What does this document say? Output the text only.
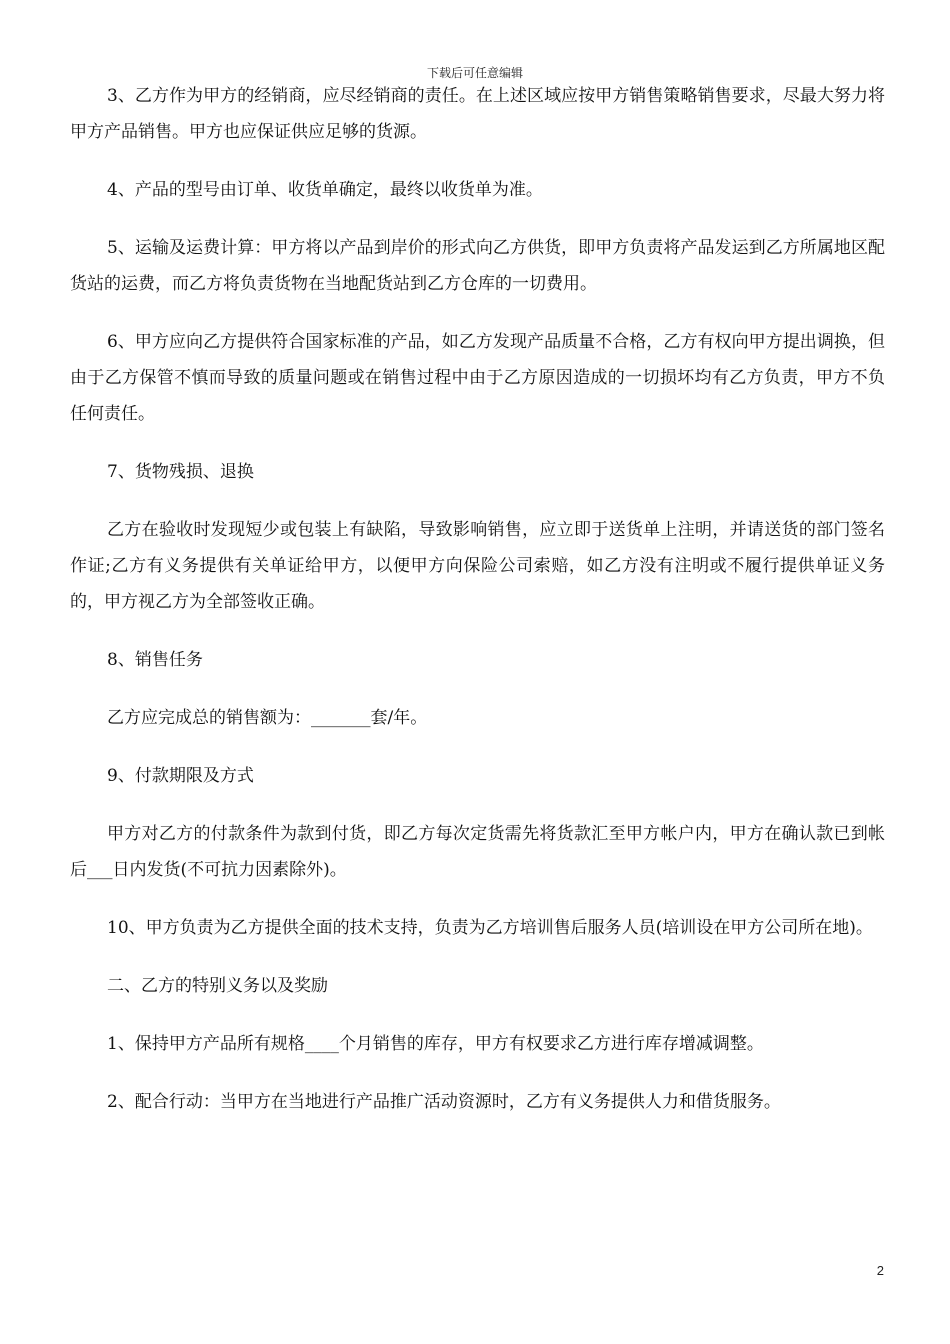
下载后可任意编辑

3、乙方作为甲方的经销商，应尽经销商的责任。在上述区域应按甲方销售策略销售要求，尽最大努力将甲方产品销售。甲方也应保证供应足够的货源。

4、产品的型号由订单、收货单确定，最终以收货单为准。

5、运输及运费计算：甲方将以产品到岸价的形式向乙方供货，即甲方负责将产品发运到乙方所属地区配货站的运费，而乙方将负责货物在当地配货站到乙方仓库的一切费用。

6、甲方应向乙方提供符合国家标准的产品，如乙方发现产品质量不合格，乙方有权向甲方提出调换，但由于乙方保管不慎而导致的质量问题或在销售过程中由于乙方原因造成的一切损坏均有乙方负责，甲方不负任何责任。

7、货物残损、退换

乙方在验收时发现短少或包装上有缺陷，导致影响销售，应立即于送货单上注明，并请送货的部门签名作证;乙方有义务提供有关单证给甲方，以便甲方向保险公司索赔，如乙方没有注明或不履行提供单证义务的，甲方视乙方为全部签收正确。

8、销售任务

乙方应完成总的销售额为：_______套/年。

9、付款期限及方式

甲方对乙方的付款条件为款到付货，即乙方每次定货需先将货款汇至甲方帐户内，甲方在确认款已到帐后___日内发货(不可抗力因素除外)。

10、甲方负责为乙方提供全面的技术支持，负责为乙方培训售后服务人员(培训设在甲方公司所在地)。

二、乙方的特别义务以及奖励

1、保持甲方产品所有规格____个月销售的库存，甲方有权要求乙方进行库存增减调整。

2、配合行动：当甲方在当地进行产品推广活动资源时，乙方有义务提供人力和借货服务。

2
